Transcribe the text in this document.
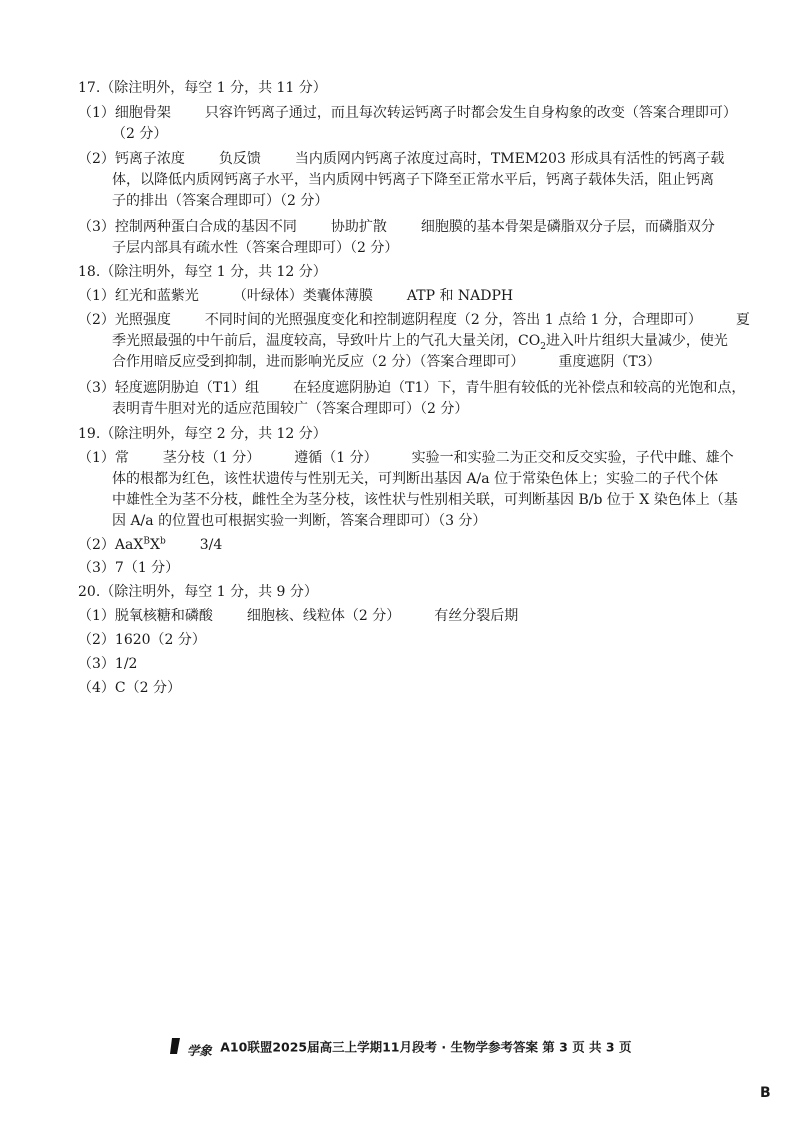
17.（除注明外，每空 1 分，共 11 分）
（1）细胞骨架 只容许钙离子通过，而且每次转运钙离子时都会发生自身构象的改变（答案合理即可）
（2 分）
（2）钙离子浓度 负反馈 当内质网内钙离子浓度过高时，TMEM203 形成具有活性的钙离子载
体，以降低内质网钙离子水平，当内质网中钙离子下降至正常水平后，钙离子载体失活，阻止钙离
子的排出（答案合理即可）（2 分）
（3）控制两种蛋白合成的基因不同 协助扩散 细胞膜的基本骨架是磷脂双分子层，而磷脂双分
子层内部具有疏水性（答案合理即可）（2 分）
18.（除注明外，每空 1 分，共 12 分）
（1）红光和蓝紫光 （叶绿体）类囊体薄膜 ATP 和 NADPH
（2）光照强度 不同时间的光照强度变化和控制遮阴程度（2 分，答出 1 点给 1 分，合理即可） 夏
季光照最强的中午前后，温度较高，导致叶片上的气孔大量关闭，$CO_2$进入叶片组织大量减少，使光
合作用暗反应受到抑制，进而影响光反应（2 分）（答案合理即可） 重度遮阴（T3）
（3）轻度遮阴胁迫（T1）组 在轻度遮阴胁迫（T1）下，青牛胆有较低的光补偿点和较高的光饱和点，
表明青牛胆对光的适应范围较广（答案合理即可）（2 分）
19.（除注明外，每空 2 分，共 12 分）
（1）常 茎分枝（1 分） 遵循（1 分） 实验一和实验二为正交和反交实验，子代中雌、雄个
体的根都为红色，该性状遗传与性别无关，可判断出基因 A/a 位于常染色体上；实验二的子代个体
中雄性全为茎不分枝，雌性全为茎分枝，该性状与性别相关联，可判断基因 B/b 位于 X 染色体上（基
因 A/a 的位置也可根据实验一判断，答案合理即可）（3 分）
$(2)AaX^BX^b$ 3/4
（3）7（1 分）
20.（除注明外，每空 1 分，共 9 分）
（1）脱氧核糖和磷酸 细胞核、线粒体（2 分） 有丝分裂后期
（2）1620（2 分）
（3）1/2
（4）C（2 分）
学象 A10联盟2025届高三上学期11月段考 · 生物学参考答案 第 3 页 共 3 页
B
